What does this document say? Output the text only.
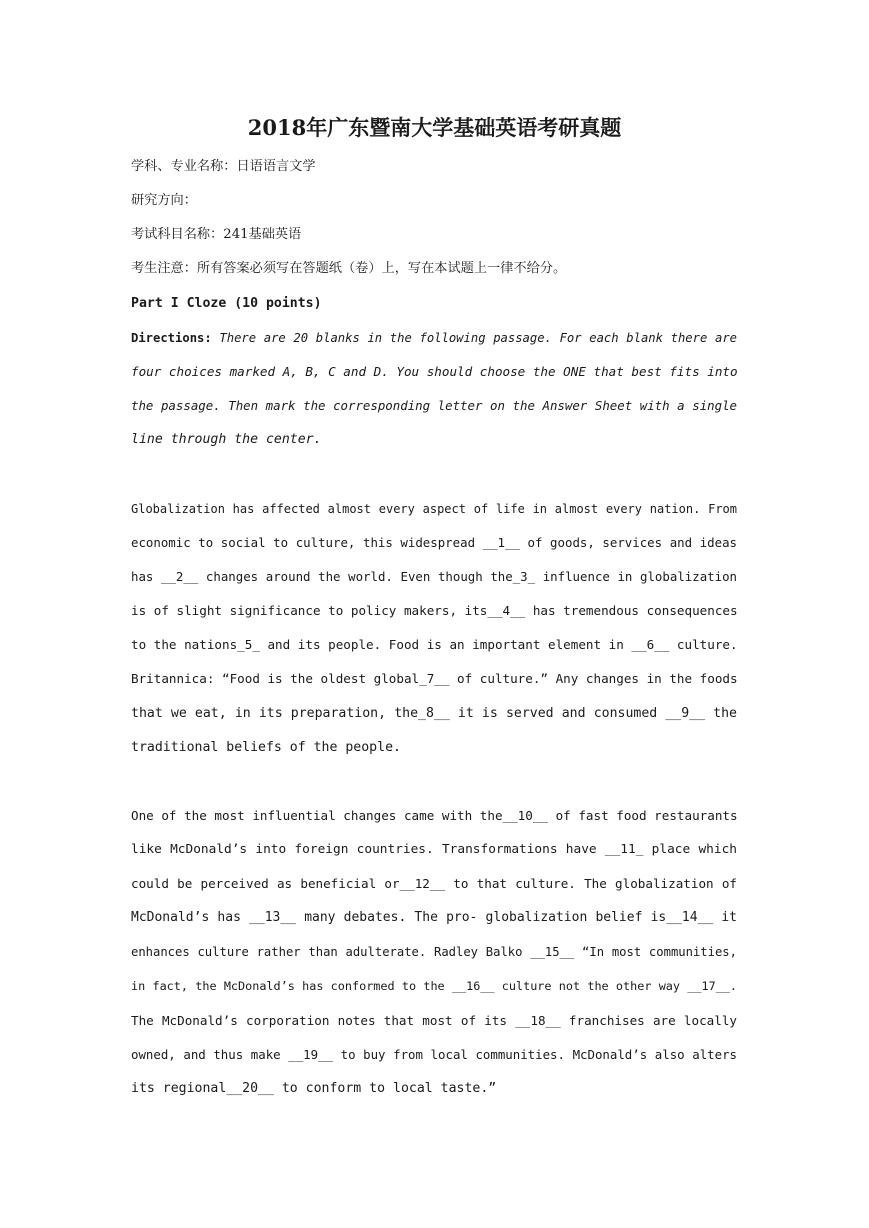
2018年广东暨南大学基础英语考研真题
学科、专业名称：日语语言文学
研究方向：
考试科目名称：241基础英语
考生注意：所有答案必须写在答题纸（卷）上，写在本试题上一律不给分。
Part I Cloze (10 points)
Directions: There are 20 blanks in the following passage. For each blank there are
four choices marked A, B, C and D. You should choose the ONE that best fits into
the passage. Then mark the corresponding letter on the Answer Sheet with a single
line through the center.
Globalization has affected almost every aspect of life in almost every nation. From
economic to social to culture, this widespread __1__ of goods, services and ideas
has __2__ changes around the world. Even though the_3_ influence in globalization
is of slight significance to policy makers, its__4__ has tremendous consequences
to the nations_5_ and its people. Food is an important element in __6__ culture.
Britannica: “Food is the oldest global_7__ of culture.” Any changes in the foods
that we eat, in its preparation, the_8__ it is served and consumed __9__ the
traditional beliefs of the people.
One of the most influential changes came with the__10__ of fast food restaurants
like McDonald’s into foreign countries. Transformations have __11_ place which
could be perceived as beneficial or__12__ to that culture. The globalization of
McDonald’s has __13__ many debates. The pro- globalization belief is__14__ it
enhances culture rather than adulterate. Radley Balko __15__ “In most communities,
in fact, the McDonald’s has conformed to the __16__ culture not the other way __17__.
The McDonald’s corporation notes that most of its __18__ franchises are locally
owned, and thus make __19__ to buy from local communities. McDonald’s also alters
its regional__20__ to conform to local taste.”
